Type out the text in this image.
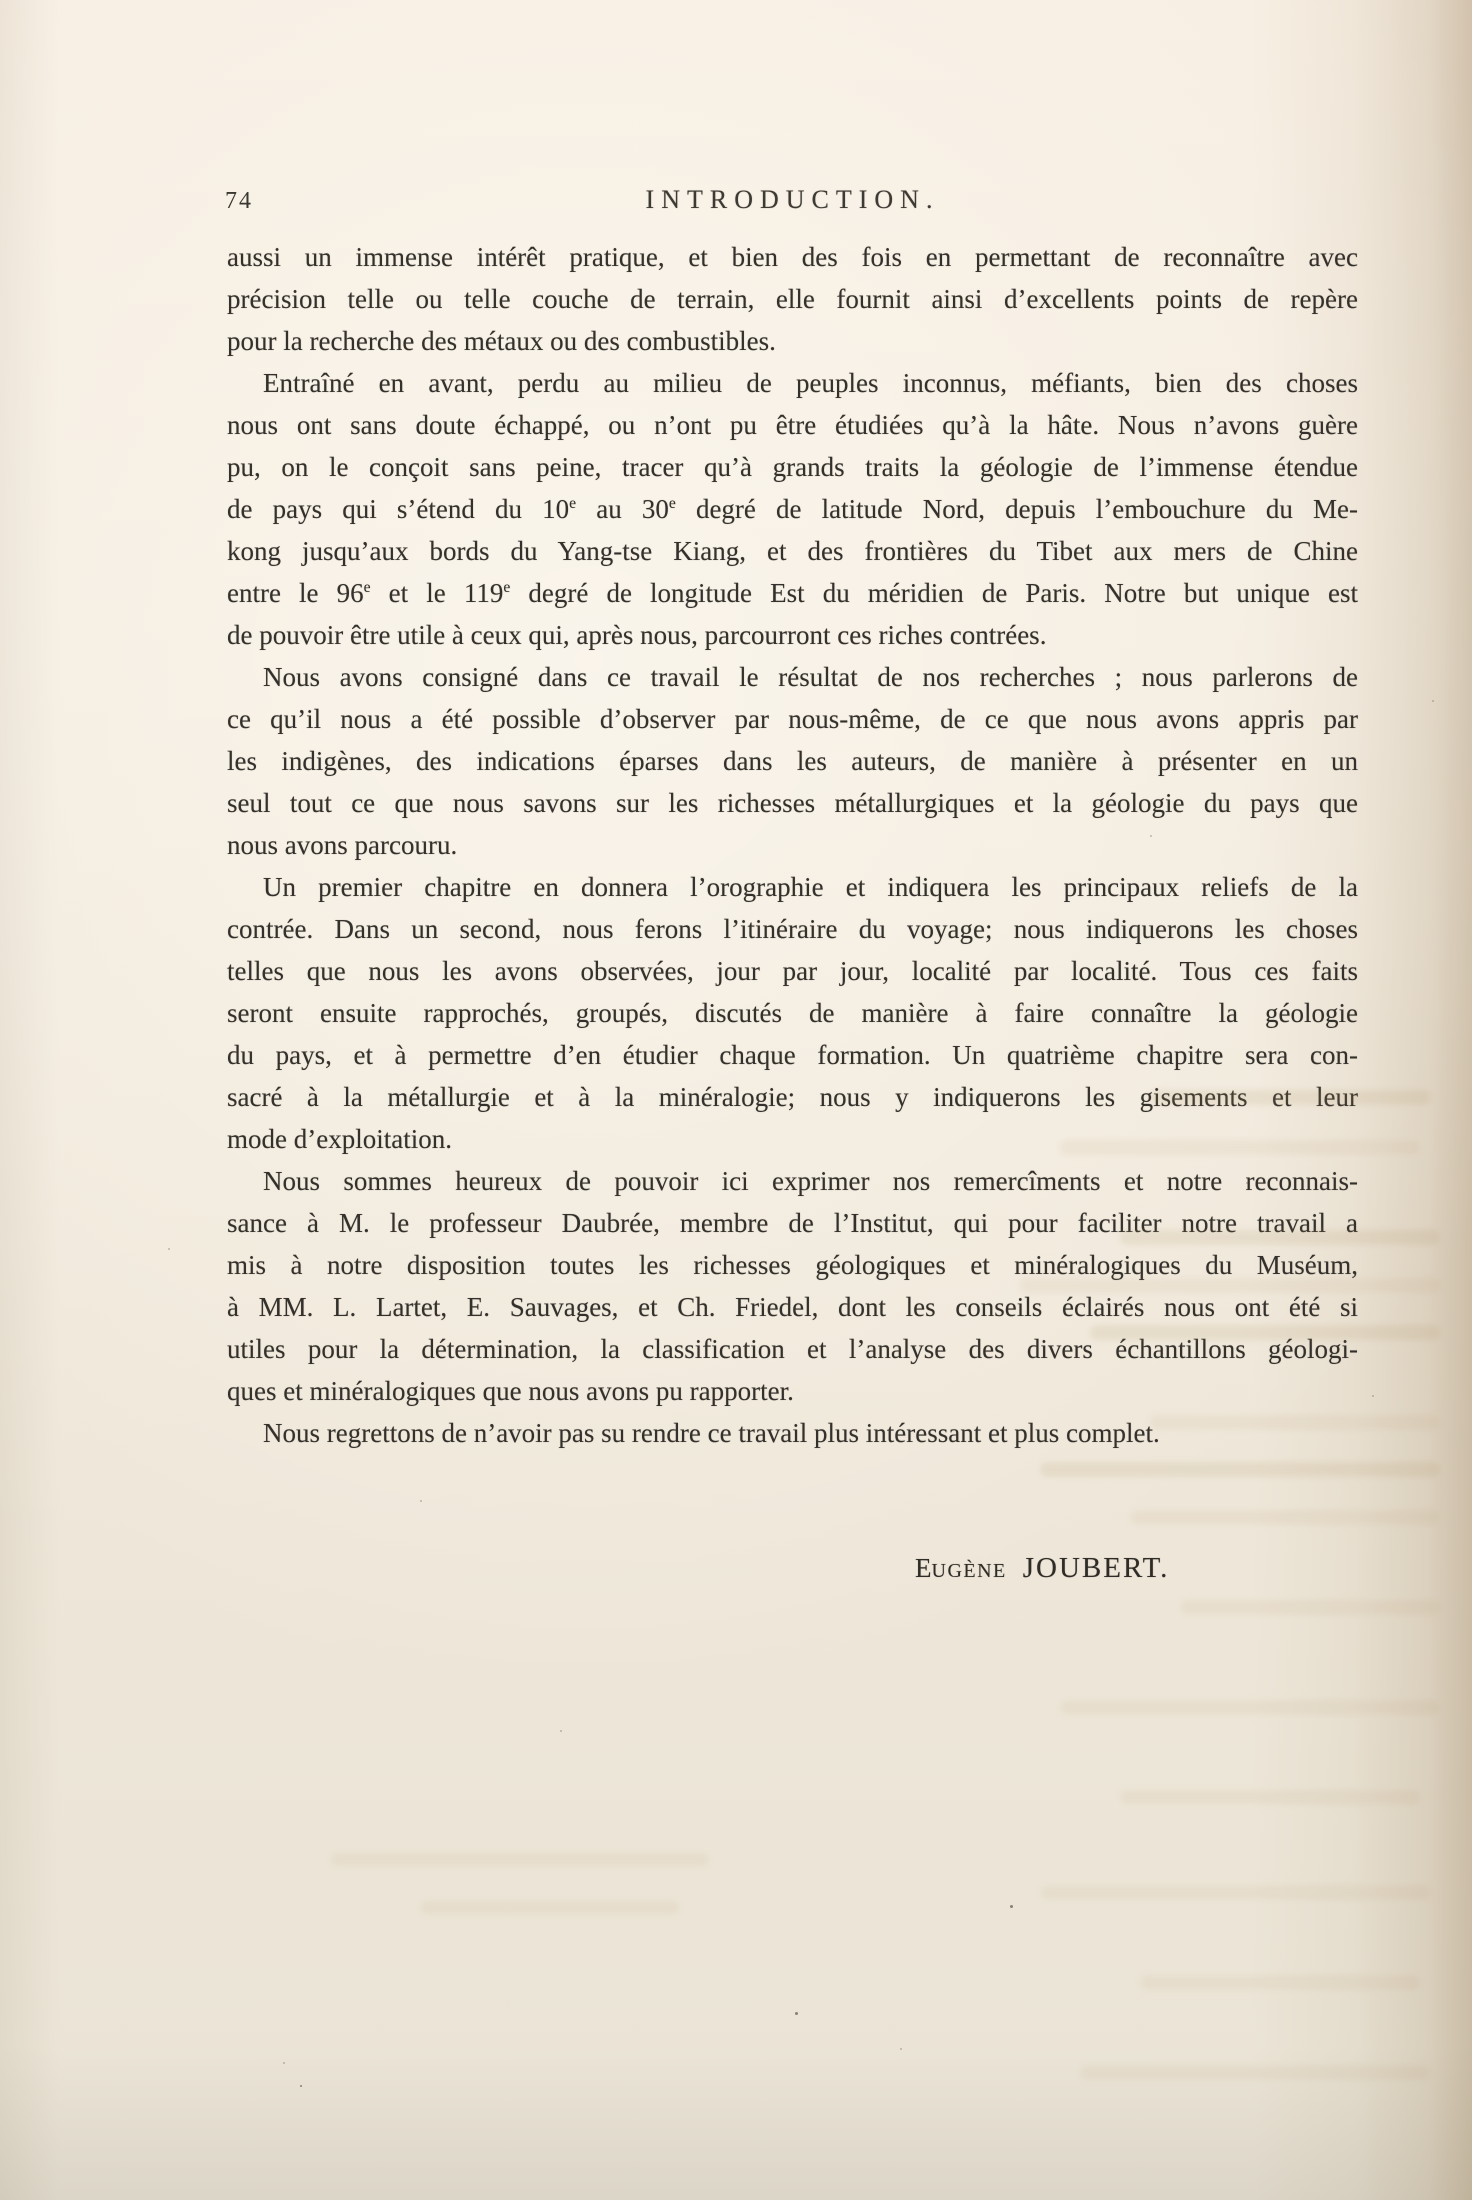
74	INTRODUCTION.
aussi un immense intérêt pratique, et bien des fois en permettant de reconnaître avec
précision telle ou telle couche de terrain, elle fournit ainsi d’excellents points de repère
pour la recherche des métaux ou des combustibles.
Entraîné en avant, perdu au milieu de peuples inconnus, méfiants, bien des choses
nous ont sans doute échappé, ou n’ont pu être étudiées qu’à la hâte. Nous n’avons guère
pu, on le conçoit sans peine, tracer qu’à grands traits la géologie de l’immense étendue
de pays qui s’étend du 10e au 30e degré de latitude Nord, depuis l’embouchure du Me-
kong jusqu’aux bords du Yang-tse Kiang, et des frontières du Tibet aux mers de Chine
entre le 96e et le 119e degré de longitude Est du méridien de Paris. Notre but unique est
de pouvoir être utile à ceux qui, après nous, parcourront ces riches contrées.
Nous avons consigné dans ce travail le résultat de nos recherches ; nous parlerons de
ce qu’il nous a été possible d’observer par nous-même, de ce que nous avons appris par
les indigènes, des indications éparses dans les auteurs, de manière à présenter en un
seul tout ce que nous savons sur les richesses métallurgiques et la géologie du pays que
nous avons parcouru.
Un premier chapitre en donnera l’orographie et indiquera les principaux reliefs de la
contrée. Dans un second, nous ferons l’itinéraire du voyage; nous indiquerons les choses
telles que nous les avons observées, jour par jour, localité par localité. Tous ces faits
seront ensuite rapprochés, groupés, discutés de manière à faire connaître la géologie
du pays, et à permettre d’en étudier chaque formation. Un quatrième chapitre sera con-
sacré à la métallurgie et à la minéralogie; nous y indiquerons les gisements et leur
mode d’exploitation.
Nous sommes heureux de pouvoir ici exprimer nos remercîments et notre reconnais-
sance à M. le professeur Daubrée, membre de l’Institut, qui pour faciliter notre travail a
mis à notre disposition toutes les richesses géologiques et minéralogiques du Muséum,
à MM. L. Lartet, E. Sauvages, et Ch. Friedel, dont les conseils éclairés nous ont été si
utiles pour la détermination, la classification et l’analyse des divers échantillons géologi-
ques et minéralogiques que nous avons pu rapporter.
Nous regrettons de n’avoir pas su rendre ce travail plus intéressant et plus complet.
EUGÈNE JOUBERT.
